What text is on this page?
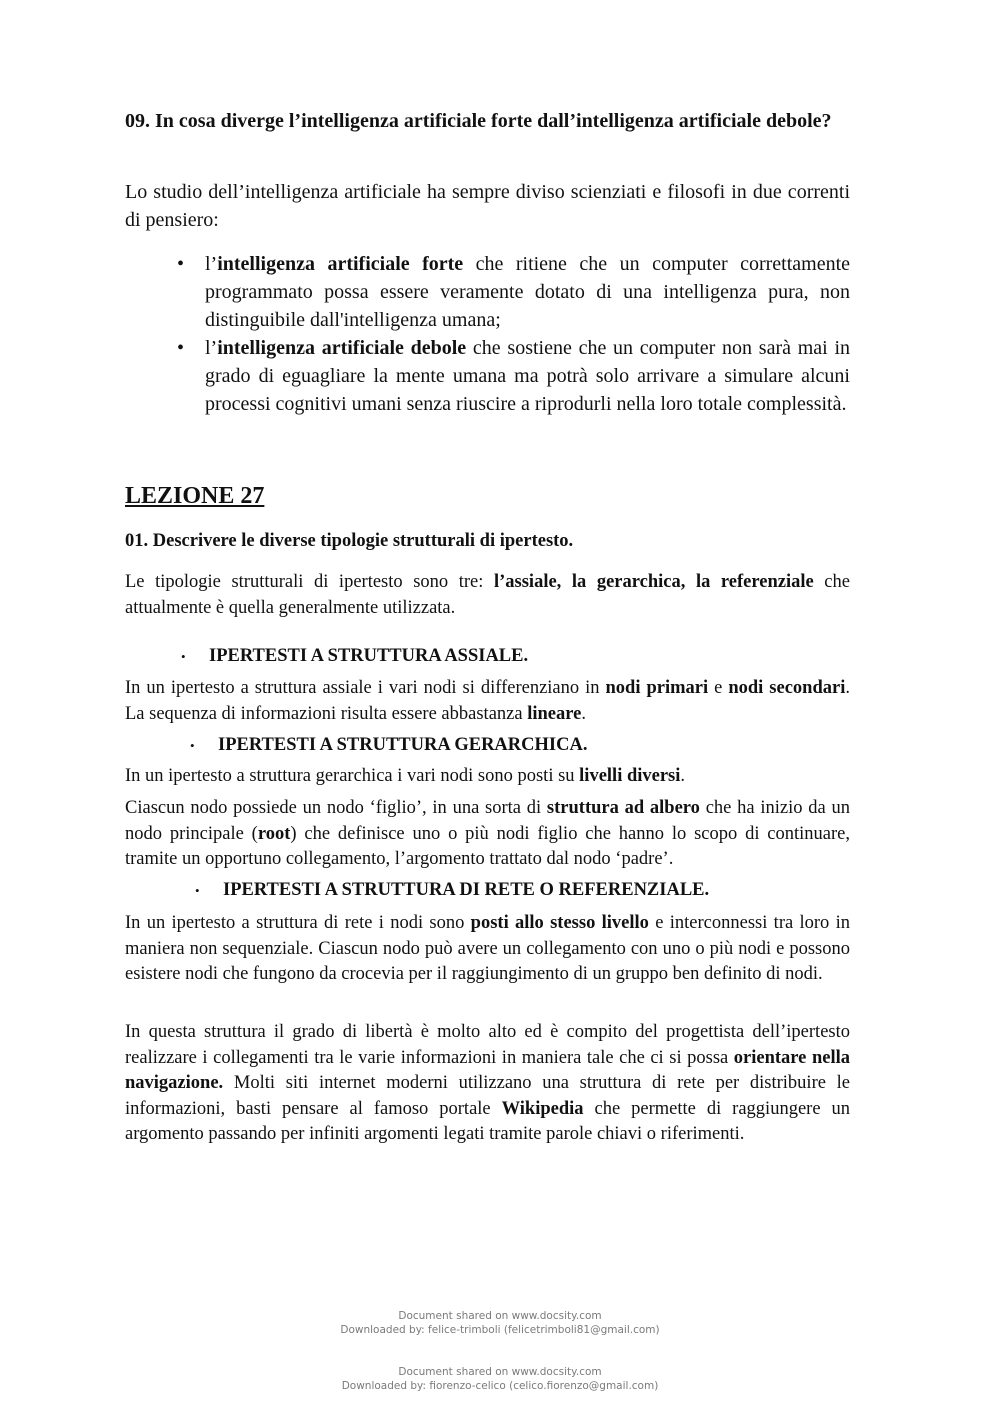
09. In cosa diverge l’intelligenza artificiale forte dall’intelligenza artificiale debole?
Lo studio dell’intelligenza artificiale ha sempre diviso scienziati e filosofi in due correnti di pensiero:
• l’intelligenza artificiale forte che ritiene che un computer correttamente programmato possa essere veramente dotato di una intelligenza pura, non distinguibile dall'intelligenza umana;
• l’intelligenza artificiale debole che sostiene che un computer non sarà mai in grado di eguagliare la mente umana ma potrà solo arrivare a simulare alcuni processi cognitivi umani senza riuscire a riprodurli nella loro totale complessità.
LEZIONE 27
01. Descrivere le diverse tipologie strutturali di ipertesto.
Le tipologie strutturali di ipertesto sono tre: l’assiale, la gerarchica, la referenziale che attualmente è quella generalmente utilizzata.
• IPERTESTI A STRUTTURA ASSIALE.
In un ipertesto a struttura assiale i vari nodi si differenziano in nodi primari e nodi secondari. La sequenza di informazioni risulta essere abbastanza lineare.
• IPERTESTI A STRUTTURA GERARCHICA.
In un ipertesto a struttura gerarchica i vari nodi sono posti su livelli diversi.
Ciascun nodo possiede un nodo ‘figlio’, in una sorta di struttura ad albero che ha inizio da un nodo principale (root) che definisce uno o più nodi figlio che hanno lo scopo di continuare, tramite un opportuno collegamento, l’argomento trattato dal nodo ‘padre’.
• IPERTESTI A STRUTTURA DI RETE O REFERENZIALE.
In un ipertesto a struttura di rete i nodi sono posti allo stesso livello e interconnessi tra loro in maniera non sequenziale. Ciascun nodo può avere un collegamento con uno o più nodi e possono esistere nodi che fungono da crocevia per il raggiungimento di un gruppo ben definito di nodi.
In questa struttura il grado di libertà è molto alto ed è compito del progettista dell’ipertesto realizzare i collegamenti tra le varie informazioni in maniera tale che ci si possa orientare nella navigazione. Molti siti internet moderni utilizzano una struttura di rete per distribuire le informazioni, basti pensare al famoso portale Wikipedia che permette di raggiungere un argomento passando per infiniti argomenti legati tramite parole chiavi o riferimenti.
Document shared on www.docsity.com
Downloaded by: felice-trimboli (felicetrimboli81@gmail.com)
Document shared on www.docsity.com
Downloaded by: fiorenzo-celico (celico.fiorenzo@gmail.com)
